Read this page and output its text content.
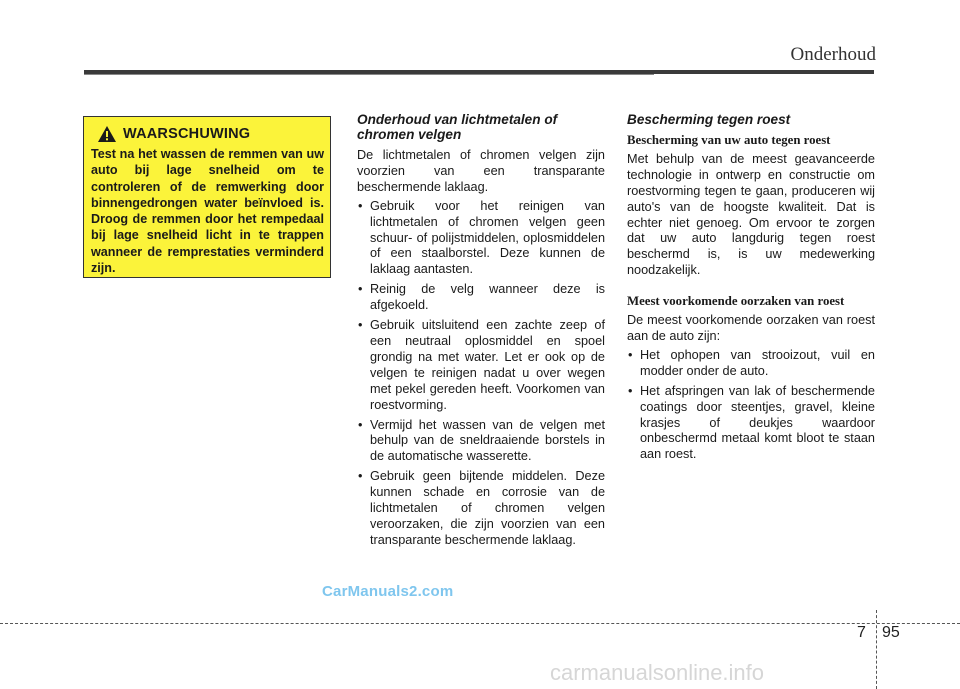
Onderhoud
WAARSCHUWING
Test na het wassen de remmen van uw auto bij lage snelheid om te controleren of de remwerking door binnengedrongen water beïnvloed is. Droog de remmen door het rempedaal bij lage snelheid licht in te trappen wanneer de remprestaties verminderd zijn.
Onderhoud van lichtmetalen of chromen velgen

De lichtmetalen of chromen velgen zijn voorzien van een transparante beschermende laklaag.

• Gebruik voor het reinigen van lichtmetalen of chromen velgen geen schuur- of polijstmiddelen, oplosmiddelen of een staalborstel. Deze kunnen de laklaag aantasten.
• Reinig de velg wanneer deze is afgekoeld.
• Gebruik uitsluitend een zachte zeep of een neutraal oplosmiddel en spoel grondig na met water. Let er ook op de velgen te reinigen nadat u over wegen met pekel gereden heeft. Voorkomen van roestvorming.
• Vermijd het wassen van de velgen met behulp van de sneldraaiende borstels in de automatische wasserette.
• Gebruik geen bijtende middelen. Deze kunnen schade en corrosie van de lichtmetalen of chromen velgen veroorzaken, die zijn voorzien van een transparante beschermende laklaag.
Bescherming tegen roest
Bescherming van uw auto tegen roest

Met behulp van de meest geavanceerde technologie in ontwerp en constructie om roestvorming tegen te gaan, produceren wij auto's van de hoogste kwaliteit. Dat is echter niet genoeg. Om ervoor te zorgen dat uw auto langdurig tegen roest beschermd is, is uw medewerking noodzakelijk.

Meest voorkomende oorzaken van roest

De meest voorkomende oorzaken van roest aan de auto zijn:

• Het ophopen van strooizout, vuil en modder onder de auto.
• Het afspringen van lak of beschermende coatings door steentjes, gravel, kleine krasjes of deukjes waardoor onbeschermd metaal komt bloot te staan aan roest.
CarManuals2.com
7 95
carmanualsonline.info
